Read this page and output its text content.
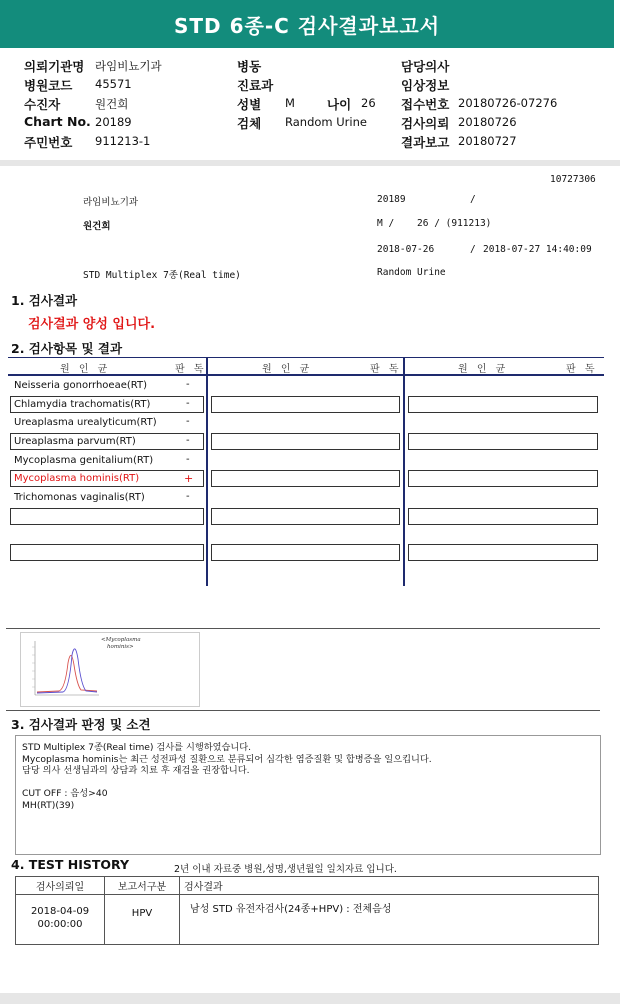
STD 6종-C 검사결과보고서
의뢰기관명 라임비뇨기과	병동	담당의사
병원코드 45571	진료과	임상정보
수진자	원건희	성별 M	나이 26 접수번호 20180726-07276
Chart No. 20189	검체 Random Urine	검사의뢰 20180726
주민번호 911213-1	결과보고 20180727
10727306
라임비뇨기과	20189	/
원건희	M /    26 / (911213)
2018-07-26	/ 2018-07-27 14:40:09
STD Multiplex 7종(Real time)	Random Urine
1. 검사결과
검사결과 양성 입니다.
2. 검사항목 및 결과
원 인 균	판 독	원 인 균	판 독	원 인 균	판 독
Neisseria gonorrhoeae(RT)	-
Chlamydia trachomatis(RT)	-
Ureaplasma urealyticum(RT)	-
Ureaplasma parvum(RT)	-
Mycoplasma genitalium(RT)	-
Mycoplasma hominis(RT)	+
Trichomonas vaginalis(RT)	-
<Mycoplasma
hominis>
3. 검사결과 판정 및 소견
STD Multiplex 7종(Real time) 검사를 시행하였습니다.
Mycoplasma hominis는 최근 성전파성 질환으로 분류되어 심각한 염증질환 및 합병증을 일으킵니다.
담당 의사 선생님과의 상담과 치료 후 재검을 권장합니다.
CUT OFF : 음성>40
MH(RT)(39)
4. TEST HISTORY	2년 이내 자료중 병원,성명,생년월일 일치자료 입니다.
검사의뢰일	보고서구분	검사결과

2018-04-09
00:00:00	HPV	남성 STD 유전자검사(24종+HPV) : 전체음성
